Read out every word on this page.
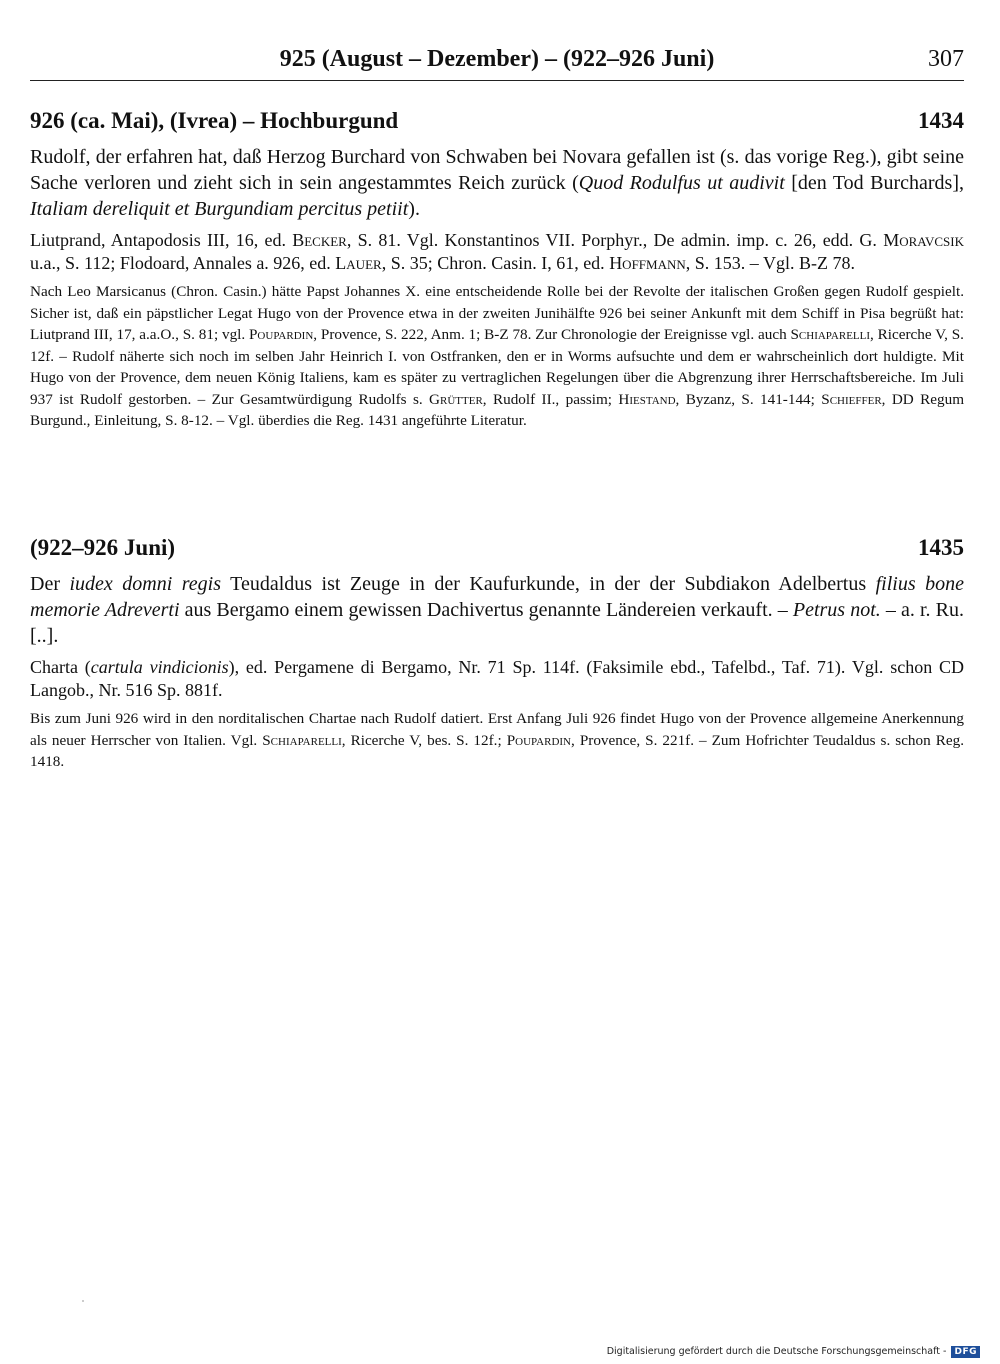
925 (August – Dezember) – (922–926 Juni)	307
926 (ca. Mai), (Ivrea) – Hochburgund	1434
Rudolf, der erfahren hat, daß Herzog Burchard von Schwaben bei Novara gefallen ist (s. das vorige Reg.), gibt seine Sache verloren und zieht sich in sein angestammtes Reich zurück (Quod Rodulfus ut audivit [den Tod Burchards], Italiam dereliquit et Burgundiam percitus petiit).
Liutprand, Antapodosis III, 16, ed. Becker, S. 81. Vgl. Konstantinos VII. Porphyr., De admin. imp. c. 26, edd. G. Moravcsik u.a., S. 112; Flodoard, Annales a. 926, ed. Lauer, S. 35; Chron. Casin. I, 61, ed. Hoffmann, S. 153. – Vgl. B-Z 78.
Nach Leo Marsicanus (Chron. Casin.) hätte Papst Johannes X. eine entscheidende Rolle bei der Revolte der italischen Großen gegen Rudolf gespielt. Sicher ist, daß ein päpstlicher Legat Hugo von der Provence etwa in der zweiten Junihälfte 926 bei seiner Ankunft mit dem Schiff in Pisa begrüßt hat: Liutprand III, 17, a.a.O., S. 81; vgl. Poupardin, Provence, S. 222, Anm. 1; B-Z 78. Zur Chronologie der Ereignisse vgl. auch Schiaparelli, Ricerche V, S. 12f. – Rudolf näherte sich noch im selben Jahr Heinrich I. von Ostfranken, den er in Worms aufsuchte und dem er wahrscheinlich dort huldigte. Mit Hugo von der Provence, dem neuen König Italiens, kam es später zu vertraglichen Regelungen über die Abgrenzung ihrer Herrschaftsbereiche. Im Juli 937 ist Rudolf gestorben. – Zur Gesamtwürdigung Rudolfs s. Grütter, Rudolf II., passim; Hiestand, Byzanz, S. 141-144; Schieffer, DD Regum Burgund., Einleitung, S. 8-12. – Vgl. überdies die Reg. 1431 angeführte Literatur.
(922–926 Juni)	1435
Der iudex domni regis Teudaldus ist Zeuge in der Kaufurkunde, in der der Subdiakon Adelbertus filius bone memorie Adreverti aus Bergamo einem gewissen Dachivertus genannte Ländereien verkauft. – Petrus not. – a. r. Ru. [..].
Charta (cartula vindicionis), ed. Pergamene di Bergamo, Nr. 71 Sp. 114f. (Faksimile ebd., Tafelbd., Taf. 71). Vgl. schon CD Langob., Nr. 516 Sp. 881f.
Bis zum Juni 926 wird in den norditalischen Chartae nach Rudolf datiert. Erst Anfang Juli 926 findet Hugo von der Provence allgemeine Anerkennung als neuer Herrscher von Italien. Vgl. Schiaparelli, Ricerche V, bes. S. 12f.; Poupardin, Provence, S. 221f. – Zum Hofrichter Teudaldus s. schon Reg. 1418.
Digitalisierung gefördert durch die Deutsche Forschungsgemeinschaft - DFG
